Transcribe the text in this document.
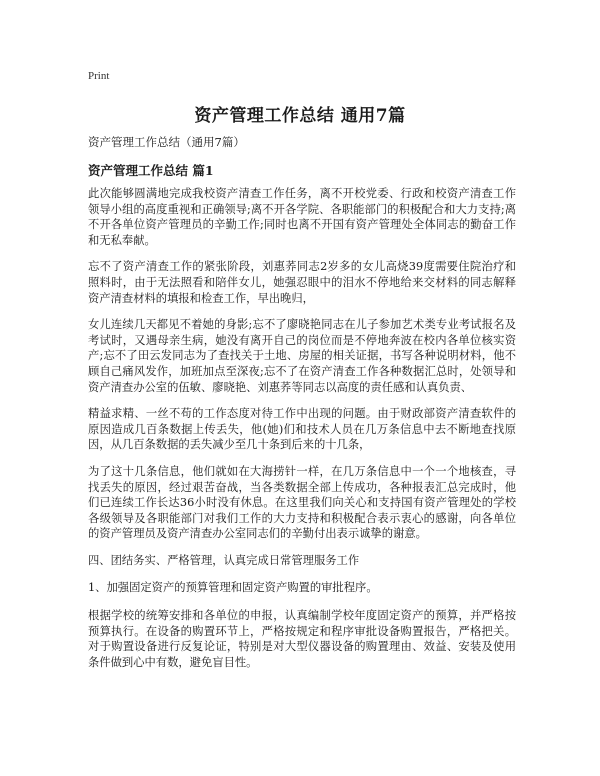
Print
资产管理工作总结 通用7篇
资产管理工作总结（通用7篇）
资产管理工作总结 篇1

此次能够圆满地完成我校资产清查工作任务，离不开校党委、行政和校资产清查工作领导小组的高度重视和正确领导;离不开各学院、各职能部门的积极配合和大力支持;离不开各单位资产管理员的辛勤工作;同时也离不开国有资产管理处全体同志的勤奋工作和无私奉献。

忘不了资产清查工作的紧张阶段，刘惠荞同志2岁多的女儿高烧39度需要住院治疗和照料时，由于无法照看和陪伴女儿，她强忍眼中的泪水不停地给来交材料的同志解释资产清查材料的填报和检查工作，早出晚归，

女儿连续几天都见不着她的身影;忘不了廖晓艳同志在儿子参加艺术类专业考试报名及考试时，又遇母亲生病，她没有离开自己的岗位而是不停地奔波在校内各单位核实资产;忘不了田云发同志为了查找关于土地、房屋的相关证据，书写各种说明材料，他不顾自己痛风发作，加班加点至深夜;忘不了在资产清查工作各种数据汇总时，处领导和资产清查办公室的伍敏、廖晓艳、刘惠荞等同志以高度的责任感和认真负责、

精益求精、一丝不苟的工作态度对待工作中出现的问题。由于财政部资产清查软件的原因造成几百条数据上传丢失，他(她)们和技术人员在几万条信息中去不断地查找原因，从几百条数据的丢失减少至几十条到后来的十几条，

为了这十几条信息，他们就如在大海捞针一样，在几万条信息中一个一个地核查，寻找丢失的原因，经过艰苦奋战，当各类数据全部上传成功，各种报表汇总完成时，他们已连续工作长达36小时没有休息。在这里我们向关心和支持国有资产管理处的学校各级领导及各职能部门对我们工作的大力支持和积极配合表示衷心的感谢，向各单位的资产管理员及资产清查办公室同志们的辛勤付出表示诚挚的谢意。

四、团结务实、严格管理，认真完成日常管理服务工作

1、加强固定资产的预算管理和固定资产购置的审批程序。

根据学校的统筹安排和各单位的申报，认真编制学校年度固定资产的预算，并严格按预算执行。在设备的购置环节上，严格按规定和程序审批设备购置报告，严格把关。对于购置设备进行反复论证，特别是对大型仪器设备的购置理由、效益、安装及使用条件做到心中有数，避免盲目性。
